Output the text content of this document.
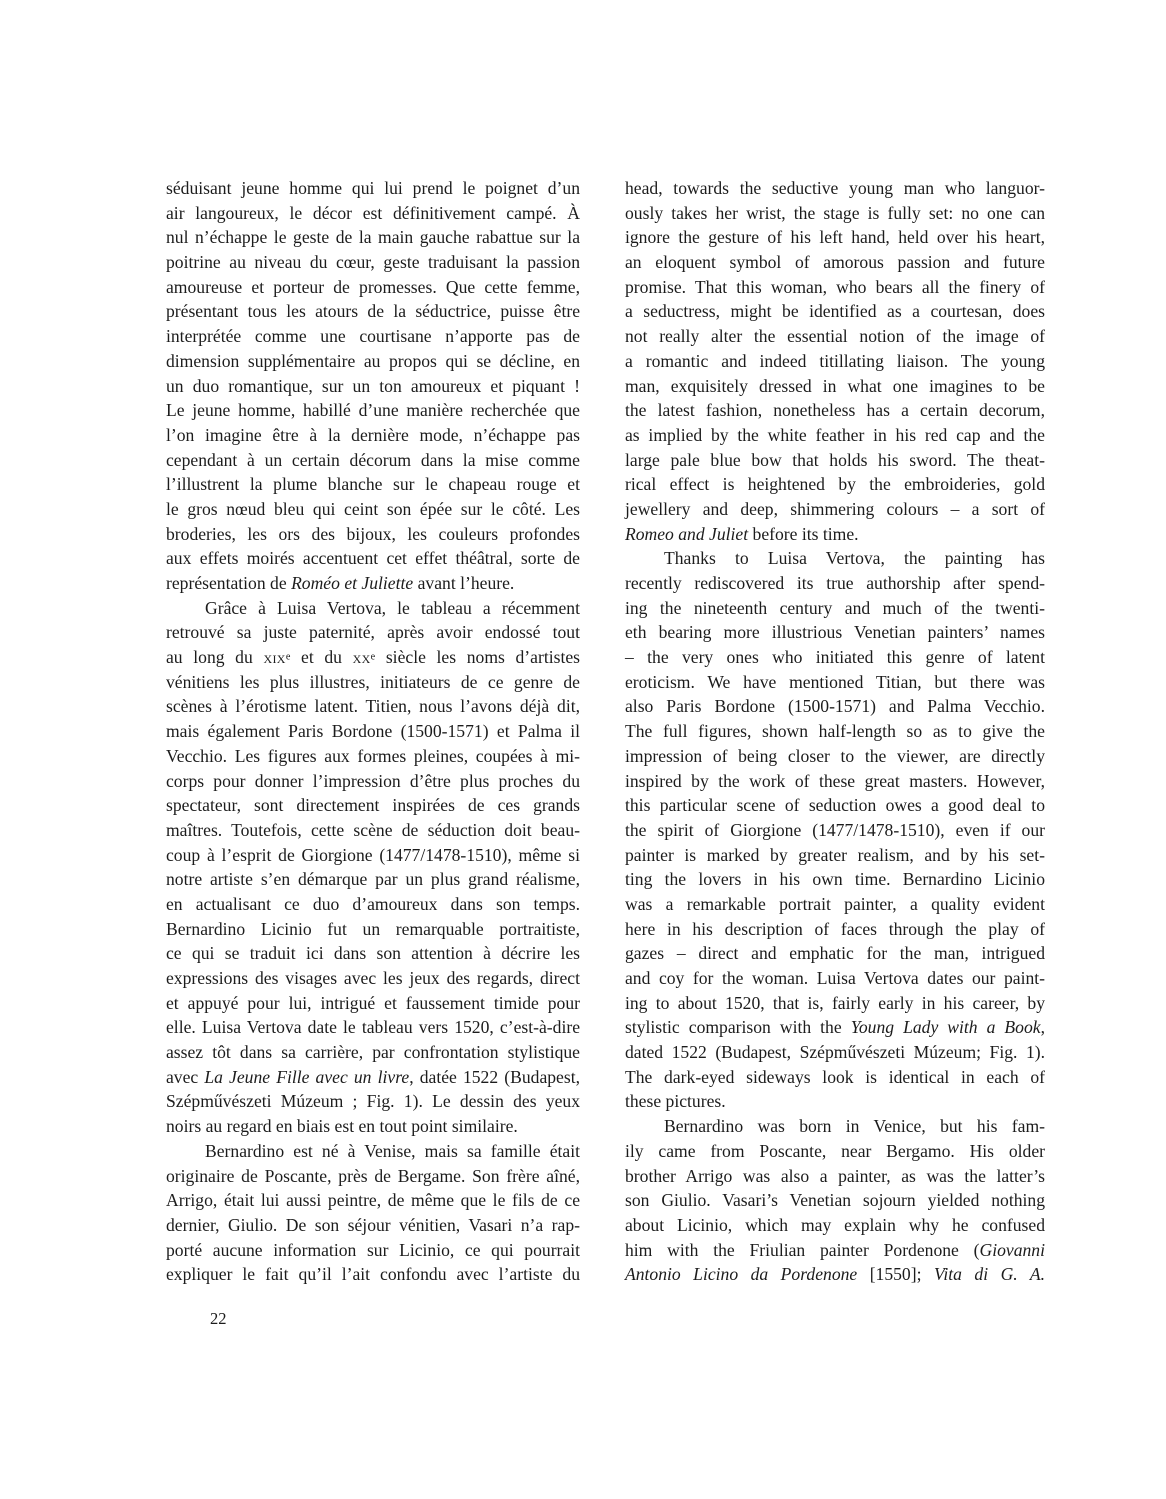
séduisant jeune homme qui lui prend le poignet d’un
air langoureux, le décor est définitivement campé. À
nul n’échappe le geste de la main gauche rabattue sur la
poitrine au niveau du cœur, geste traduisant la passion
amoureuse et porteur de promesses. Que cette femme,
présentant tous les atours de la séductrice, puisse être
interprétée comme une courtisane n’apporte pas de
dimension supplémentaire au propos qui se décline, en
un duo romantique, sur un ton amoureux et piquant !
Le jeune homme, habillé d’une manière recherchée que
l’on imagine être à la dernière mode, n’échappe pas
cependant à un certain décorum dans la mise comme
l’illustrent la plume blanche sur le chapeau rouge et
le gros nœud bleu qui ceint son épée sur le côté. Les
broderies, les ors des bijoux, les couleurs profondes
aux effets moirés accentuent cet effet théâtral, sorte de
représentation de Roméo et Juliette avant l’heure.
Grâce à Luisa Vertova, le tableau a récemment
retrouvé sa juste paternité, après avoir endossé tout
au long du xix$^e$ et du $xx^e$ siècle les noms d’artistes
vénitiens les plus illustres, initiateurs de ce genre de
scènes à l’érotisme latent. Titien, nous l’avons déjà dit,
mais également Paris Bordone (1500-1571) et Palma il
Vecchio. Les figures aux formes pleines, coupées à mi-
corps pour donner l’impression d’être plus proches du
spectateur, sont directement inspirées de ces grands
maîtres. Toutefois, cette scène de séduction doit beau-
coup à l’esprit de Giorgione (1477/1478-1510), même si
notre artiste s’en démarque par un plus grand réalisme,
en actualisant ce duo d’amoureux dans son temps.
Bernardino Licinio fut un remarquable portraitiste,
ce qui se traduit ici dans son attention à décrire les
expressions des visages avec les jeux des regards, direct
et appuyé pour lui, intrigué et faussement timide pour
elle. Luisa Vertova date le tableau vers 1520, c’est-à-dire
assez tôt dans sa carrière, par confrontation stylistique
avec La Jeune Fille avec un livre, datée 1522 (Budapest,
Szépművészeti Múzeum ; Fig. 1). Le dessin des yeux
noirs au regard en biais est en tout point similaire.
Bernardino est né à Venise, mais sa famille était
originaire de Poscante, près de Bergame. Son frère aîné,
Arrigo, était lui aussi peintre, de même que le fils de ce
dernier, Giulio. De son séjour vénitien, Vasari n’a rap-
porté aucune information sur Licinio, ce qui pourrait
expliquer le fait qu’il l’ait confondu avec l’artiste du
head, towards the seductive young man who languor-
ously takes her wrist, the stage is fully set: no one can
ignore the gesture of his left hand, held over his heart,
an eloquent symbol of amorous passion and future
promise. That this woman, who bears all the finery of
a seductress, might be identified as a courtesan, does
not really alter the essential notion of the image of
a romantic and indeed titillating liaison. The young
man, exquisitely dressed in what one imagines to be
the latest fashion, nonetheless has a certain decorum,
as implied by the white feather in his red cap and the
large pale blue bow that holds his sword. The theat-
rical effect is heightened by the embroideries, gold
jewellery and deep, shimmering colours – a sort of
Romeo and Juliet before its time.
Thanks to Luisa Vertova, the painting has
recently rediscovered its true authorship after spend-
ing the nineteenth century and much of the twenti-
eth bearing more illustrious Venetian painters’ names
– the very ones who initiated this genre of latent
eroticism. We have mentioned Titian, but there was
also Paris Bordone (1500-1571) and Palma Vecchio.
The full figures, shown half-length so as to give the
impression of being closer to the viewer, are directly
inspired by the work of these great masters. However,
this particular scene of seduction owes a good deal to
the spirit of Giorgione (1477/1478-1510), even if our
painter is marked by greater realism, and by his set-
ting the lovers in his own time. Bernardino Licinio
was a remarkable portrait painter, a quality evident
here in his description of faces through the play of
gazes – direct and emphatic for the man, intrigued
and coy for the woman. Luisa Vertova dates our paint-
ing to about 1520, that is, fairly early in his career, by
stylistic comparison with the Young Lady with a Book,
dated 1522 (Budapest, Szépművészeti Múzeum; Fig. 1).
The dark-eyed sideways look is identical in each of
these pictures.
Bernardino was born in Venice, but his fam-
ily came from Poscante, near Bergamo. His older
brother Arrigo was also a painter, as was the latter’s
son Giulio. Vasari’s Venetian sojourn yielded nothing
about Licinio, which may explain why he confused
him with the Friulian painter Pordenone (Giovanni
Antonio Licino da Pordenone [1550]; Vita di G. A.
22
